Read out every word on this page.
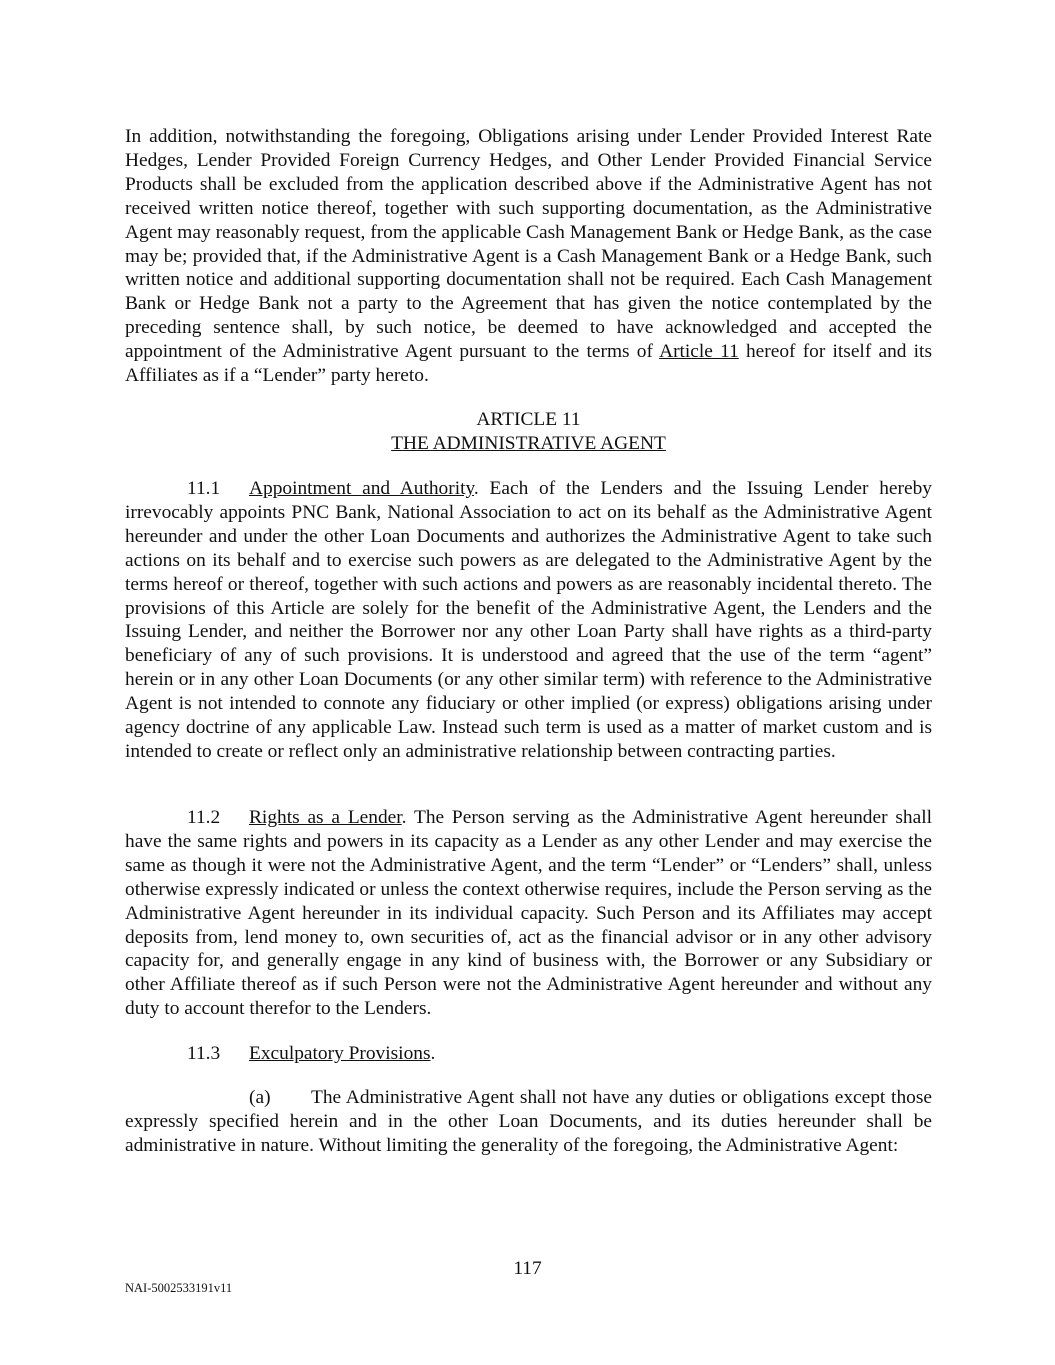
In addition, notwithstanding the foregoing, Obligations arising under Lender Provided Interest Rate Hedges, Lender Provided Foreign Currency Hedges, and Other Lender Provided Financial Service Products shall be excluded from the application described above if the Administrative Agent has not received written notice thereof, together with such supporting documentation, as the Administrative Agent may reasonably request, from the applicable Cash Management Bank or Hedge Bank, as the case may be; provided that, if the Administrative Agent is a Cash Management Bank or a Hedge Bank, such written notice and additional supporting documentation shall not be required. Each Cash Management Bank or Hedge Bank not a party to the Agreement that has given the notice contemplated by the preceding sentence shall, by such notice, be deemed to have acknowledged and accepted the appointment of the Administrative Agent pursuant to the terms of Article 11 hereof for itself and its Affiliates as if a “Lender” party hereto.

ARTICLE 11

THE ADMINISTRATIVE AGENT

11.1 Appointment and Authority. Each of the Lenders and the Issuing Lender hereby irrevocably appoints PNC Bank, National Association to act on its behalf as the Administrative Agent hereunder and under the other Loan Documents and authorizes the Administrative Agent to take such actions on its behalf and to exercise such powers as are delegated to the Administrative Agent by the terms hereof or thereof, together with such actions and powers as are reasonably incidental thereto. The provisions of this Article are solely for the benefit of the Administrative Agent, the Lenders and the Issuing Lender, and neither the Borrower nor any other Loan Party shall have rights as a third-party beneficiary of any of such provisions. It is understood and agreed that the use of the term “agent” herein or in any other Loan Documents (or any other similar term) with reference to the Administrative Agent is not intended to connote any fiduciary or other implied (or express) obligations arising under agency doctrine of any applicable Law. Instead such term is used as a matter of market custom and is intended to create or reflect only an administrative relationship between contracting parties.

11.2 Rights as a Lender. The Person serving as the Administrative Agent hereunder shall have the same rights and powers in its capacity as a Lender as any other Lender and may exercise the same as though it were not the Administrative Agent, and the term “Lender” or “Lenders” shall, unless otherwise expressly indicated or unless the context otherwise requires, include the Person serving as the Administrative Agent hereunder in its individual capacity. Such Person and its Affiliates may accept deposits from, lend money to, own securities of, act as the financial advisor or in any other advisory capacity for, and generally engage in any kind of business with, the Borrower or any Subsidiary or other Affiliate thereof as if such Person were not the Administrative Agent hereunder and without any duty to account therefor to the Lenders.

11.3 Exculpatory Provisions.

(a) The Administrative Agent shall not have any duties or obligations except those expressly specified herein and in the other Loan Documents, and its duties hereunder shall be administrative in nature. Without limiting the generality of the foregoing, the Administrative Agent:

117

NAI-5002533191v11
